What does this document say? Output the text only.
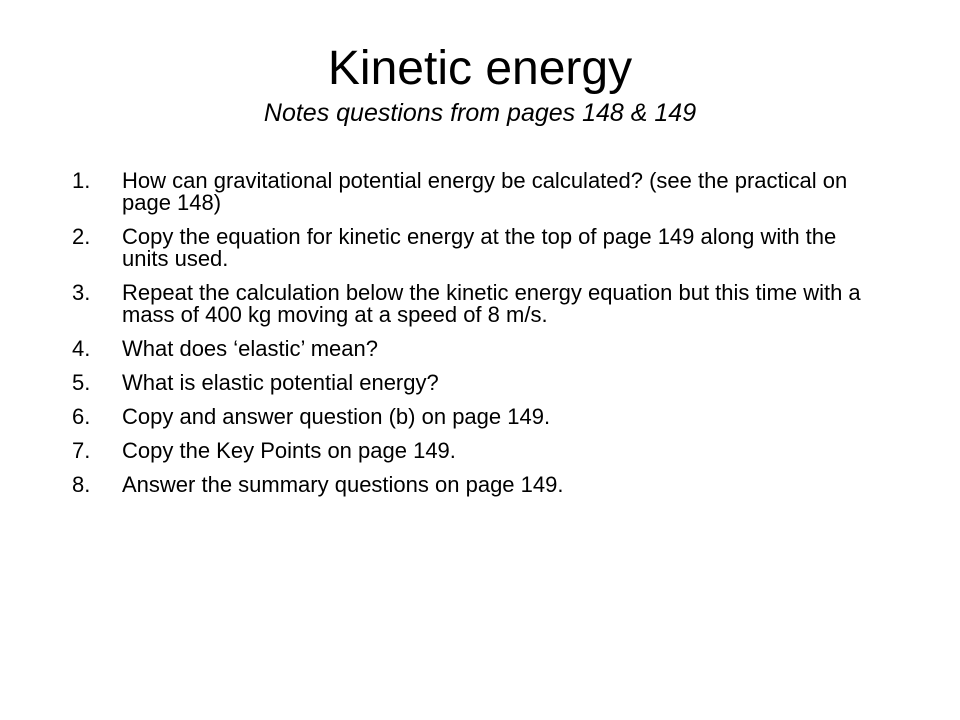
Kinetic energy

Notes questions from pages 148 & 149

1. How can gravitational potential energy be calculated? (see the practical on page 148)
2. Copy the equation for kinetic energy at the top of page 149 along with the units used.
3. Repeat the calculation below the kinetic energy equation but this time with a mass of 400 kg moving at a speed of 8 m/s.
4. What does ‘elastic’ mean?
5. What is elastic potential energy?
6. Copy and answer question (b) on page 149.
7. Copy the Key Points on page 149.
8. Answer the summary questions on page 149.
